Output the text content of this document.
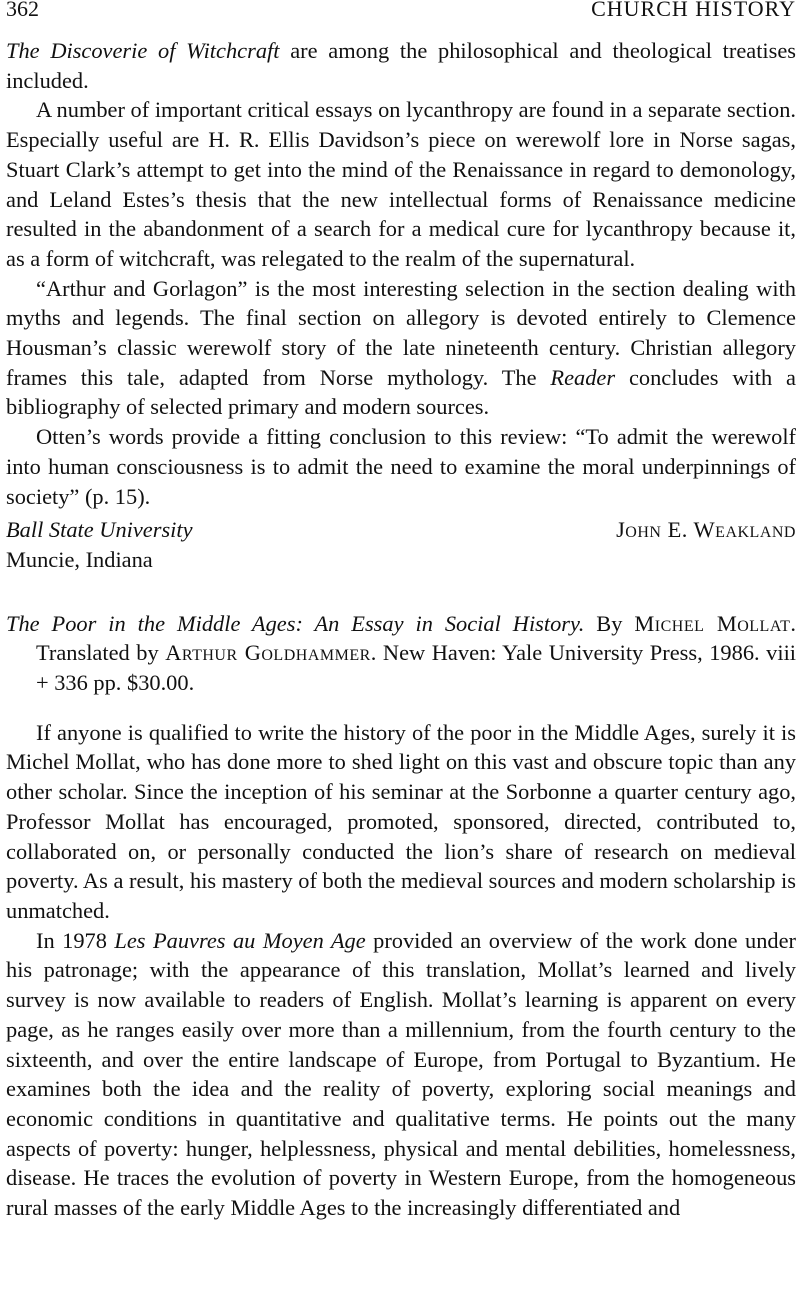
362	CHURCH HISTORY

The Discoverie of Witchcraft are among the philosophical and theological treatises included.

A number of important critical essays on lycanthropy are found in a separate section. Especially useful are H. R. Ellis Davidson’s piece on werewolf lore in Norse sagas, Stuart Clark’s attempt to get into the mind of the Renaissance in regard to demonology, and Leland Estes’s thesis that the new intellectual forms of Renaissance medicine resulted in the abandonment of a search for a medical cure for lycanthropy because it, as a form of witchcraft, was relegated to the realm of the supernatural.

“Arthur and Gorlagon” is the most interesting selection in the section dealing with myths and legends. The final section on allegory is devoted entirely to Clemence Housman’s classic werewolf story of the late nineteenth century. Christian allegory frames this tale, adapted from Norse mythology. The Reader concludes with a bibliography of selected primary and modern sources.

Otten’s words provide a fitting conclusion to this review: “To admit the werewolf into human consciousness is to admit the need to examine the moral underpinnings of society” (p. 15).

Ball State University	John E. Weakland
Muncie, Indiana
The Poor in the Middle Ages: An Essay in Social History. By Michel Mollat. Translated by Arthur Goldhammer. New Haven: Yale University Press, 1986. viii + 336 pp. $30.00.

If anyone is qualified to write the history of the poor in the Middle Ages, surely it is Michel Mollat, who has done more to shed light on this vast and obscure topic than any other scholar. Since the inception of his seminar at the Sorbonne a quarter century ago, Professor Mollat has encouraged, promoted, sponsored, directed, contributed to, collaborated on, or personally conducted the lion’s share of research on medieval poverty. As a result, his mastery of both the medieval sources and modern scholarship is unmatched.

In 1978 Les Pauvres au Moyen Age provided an overview of the work done under his patronage; with the appearance of this translation, Mollat’s learned and lively survey is now available to readers of English. Mollat’s learning is apparent on every page, as he ranges easily over more than a millennium, from the fourth century to the sixteenth, and over the entire landscape of Europe, from Portugal to Byzantium. He examines both the idea and the reality of poverty, exploring social meanings and economic conditions in quantitative and qualitative terms. He points out the many aspects of poverty: hunger, helplessness, physical and mental debilities, homelessness, disease. He traces the evolution of poverty in Western Europe, from the homogeneous rural masses of the early Middle Ages to the increasingly differentiated and
